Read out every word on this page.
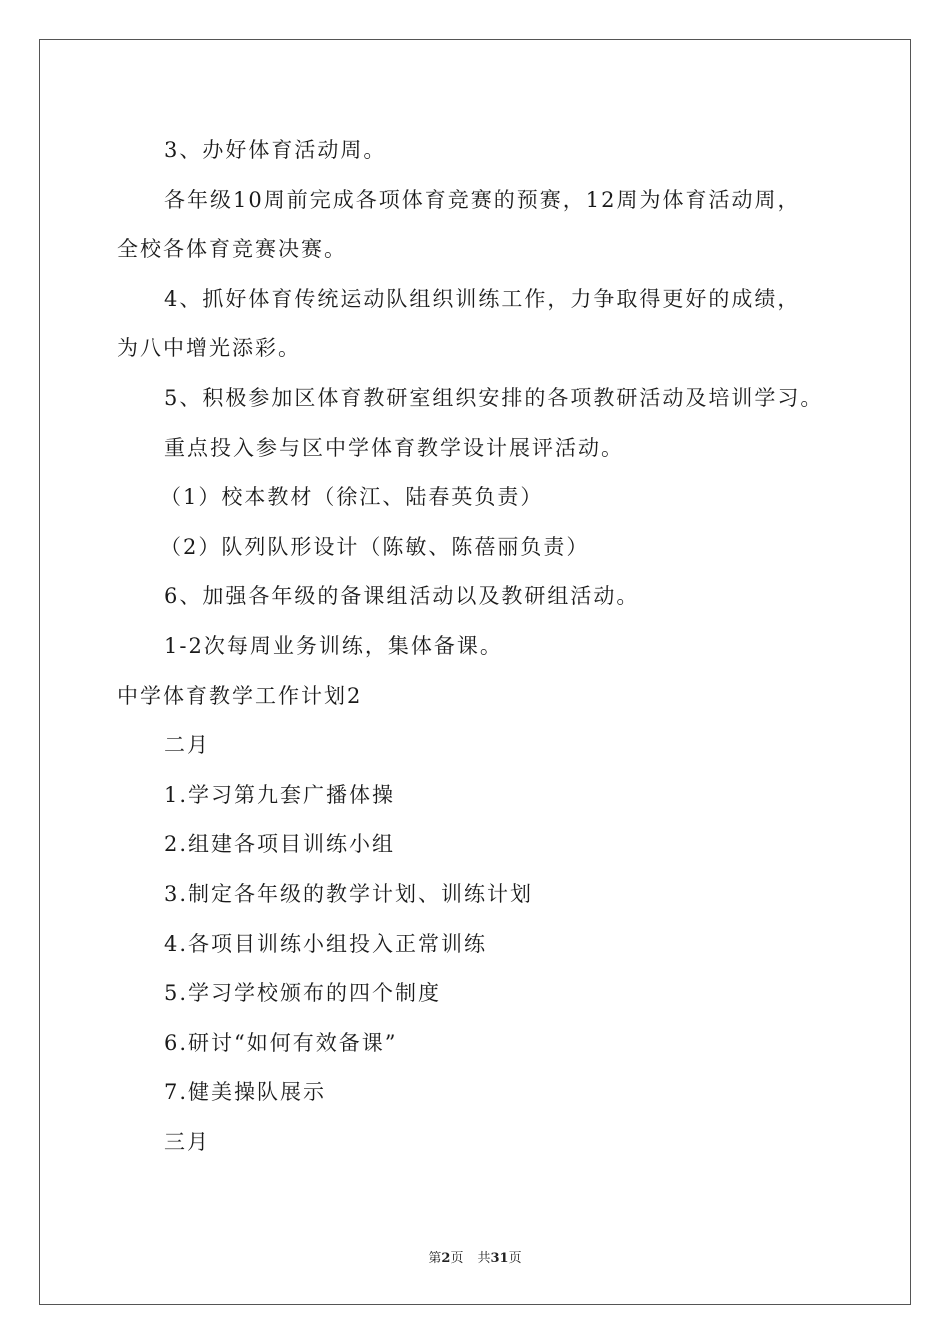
3、办好体育活动周。

各年级10周前完成各项体育竞赛的预赛，12周为体育活动周，

全校各体育竞赛决赛。

4、抓好体育传统运动队组织训练工作，力争取得更好的成绩，

为八中增光添彩。

5、积极参加区体育教研室组织安排的各项教研活动及培训学习。

重点投入参与区中学体育教学设计展评活动。

（1）校本教材（徐江、陆春英负责）

（2）队列队形设计（陈敏、陈蓓丽负责）

6、加强各年级的备课组活动以及教研组活动。

1-2次每周业务训练，集体备课。

中学体育教学工作计划2

二月

1.学习第九套广播体操

2.组建各项目训练小组

3.制定各年级的教学计划、训练计划

4.各项目训练小组投入正常训练

5.学习学校颁布的四个制度

6.研讨“如何有效备课”

7.健美操队展示

三月

第2页 共31页
